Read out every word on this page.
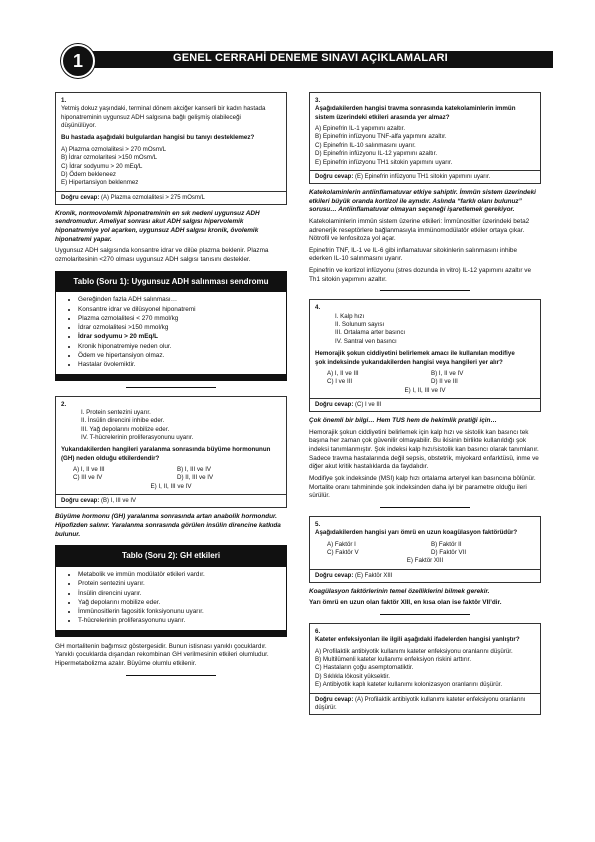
1	GENEL CERRAHİ DENEME SINAVI AÇIKLAMALARI
1.
Yetmiş dokuz yaşındaki, terminal dönem akciğer kanserli bir kadın hastada hiponatreminin uygunsuz ADH salgısına bağlı gelişmiş olabileceği düşünülüyor.
Bu hastada aşağıdaki bulgulardan hangisi bu tanıyı desteklemez?
A) Plazma ozmolalitesi > 270 mOsm/L
B) İdrar ozmolaritesi >150 mOsm/L
C) İdrar sodyumu > 20 mEq/L
D) Ödem bekleneez
E) Hipertansiyon beklenmez
Doğru cevap: (A) Plazma ozmolalitesi > 275 mOsm/L

Kronik, normovolemik hiponatreminin en sık nedeni uygunsuz ADH sendromudur. Ameliyat sonrası akut ADH salgısı hipervolemik hiponatremiye yol açarken, uygunsuz ADH salgısı kronik, övolemik hiponatremi yapar.

Uygunsuz ADH salgısında konsantre idrar ve dilüe plazma beklenir. Plazma ozmolaritesinin <270 olması uygunsuz ADH salgısı tanısını destekler.

Tablo (Soru 1): Uygunsuz ADH salınması sendromu
• Gereğinden fazla ADH salınması…
• Konsantre idrar ve dilüsyonel hiponatremi
• Plazma ozmolalitesi < 270 mmol/kg
• İdrar ozmolalitesi >150 mmol/kg
• İdrar sodyumu > 20 mEq/L
• Kronik hiponatremiye neden olur.
• Ödem ve hipertansiyon olmaz.
• Hastalar övolemiktir.
2.
I. Protein sentezini uyarır.
II. İnsülin direncini inhibe eder.
III. Yağ depolarını mobilize eder.
IV. T-hücrelerinin proliferasyonunu uyarır.
Yukarıdakilerden hangileri yaralanma sonrasında büyüme hormonunun (GH) neden olduğu etkilerdendir?
A) I, II ve III	B) I, III ve IV
C) III ve IV	D) II, III ve IV
E) I, II, III ve IV
Doğru cevap: (B) I, III ve IV

Büyüme hormonu (GH) yaralanma sonrasında artan anabolik hormondur. Hipofizden salınır. Yaralanma sonrasında görülen insülin direncine katkıda bulunur.

Tablo (Soru 2): GH etkileri
• Metabolik ve immün modülatör etkileri vardır.
• Protein sentezini uyarır.
• İnsülin direncini uyarır.
• Yağ depolarını mobilize eder.
• İmmünositlerin fagositik fonksiyonunu uyarır.
• T-hücrelerinin proliferasyonunu uyarır.

GH mortalitenin bağımsız göstergesidir. Bunun istisnası yanıklı çocuklardır. Yanıklı çocuklarda dışarıdan rekombinan GH verilmesinin etkileri olumludur. Hipermetabolizma azalır. Büyüme olumlu etkilenir.

3.
Aşağıdakilerden hangisi travma sonrasında katekolaminlerin immün sistem üzerindeki etkileri arasında yer almaz?
A) Epinefrin IL-1 yapımını azaltır.
B) Epinefrin infüzyonu TNF-alfa yapımını azaltır.
C) Epinefrin IL-10 salınmasını uyarır.
D) Epinefrin infüzyonu IL-12 yapımını azaltır.
E) Epinefrin infüzyonu TH1 sitokin yapımını uyarır.
Doğru cevap: (E) Epinefrin infüzyonu TH1 sitokin yapımını uyarır.

Katekolaminlerin antiinflamatuvar etkiye sahiptir. İmmün sistem üzerindeki etkileri büyük oranda kortizol ile aynıdır. Aslında “farklı olanı bulunuz” sorusu… Antiinflamatuvar olmayan seçeneği işaretlemek gerekiyor.

Katekolaminlerin immün sistem üzerine etkileri: İmmünositler üzerindeki beta2 adrenerjik reseptörlere bağlanmasıyla immünomodülatör etkiler ortaya çıkar. Nötrofil ve lenfositoza yol açar.

Epinefrin TNF, IL-1 ve IL-6 gibi inflamatuvar sitokinlerin salınmasını inhibe ederken IL-10 salınmasını uyarır.

Epinefrin ve kortizol infüzyonu (stres dozunda in vitro) IL-12 yapımını azaltır ve Th1 sitokin yapımını azaltır.

4.
I. Kalp hızı
II. Solunum sayısı
III. Ortalama arter basıncı
IV. Santral ven basıncı
Hemorajik şokun ciddiyetini belirlemek amacı ile kullanılan modifiye şok indeksinde yukarıdakilerden hangisi veya hangileri yer alır?
A) I, II ve III	B) I, II ve IV
C) I ve III	D) II ve III
E) I, II, III ve IV
Doğru cevap: (C) I ve III

Çok önemli bir bilgi… Hem TUS hem de hekimlik pratiği için…

Hemorajik şokun ciddiyetini belirlemek için kalp hızı ve sistolik kan basıncı tek başına her zaman çok güvenilir olmayabilir. Bu ikisinin birlikte kullanıldığı şok indeksi tanımlanmıştır. Şok indeksi kalp hızı/sistolik kan basıncı olarak tanımlanır. Sadece travma hastalarında değil sepsis, obstetrik, miyokard enfarktüsü, inme ve diğer akut kritik hastalıklarda da faydalıdır.

Modifiye şok indeksinde (MSI) kalp hızı ortalama arteryel kan basıncına bölünür. Mortalite oranı tahmininde şok indeksinden daha iyi bir parametre olduğu ileri sürülür.

5.
Aşağıdakilerden hangisi yarı ömrü en uzun koagülasyon faktörüdür?
A) Faktör I	B) Faktör II
C) Faktör V	D) Faktör VII
E) Faktör XIII
Doğru cevap: (E) Faktör XIII

Koagülasyon faktörlerinin temel özelliklerini bilmek gerekir.

Yarı ömrü en uzun olan faktör XIII, en kısa olan ise faktör VII’dir.

6.
Kateter enfeksiyonları ile ilgili aşağıdaki ifadelerden hangisi yanlıştır?
A) Profilaktik antibiyotik kullanımı kateter enfeksiyonu oranlarını düşürür.
B) Multilümenli kateter kullanımı enfeksiyon riskini arttırır.
C) Hastaların çoğu asemptomatiktir.
D) Sıklıkla lökosit yüksektir.
E) Antibiyotik kaplı kateter kullanımı kolonizasyon oranlarını düşürür.
Doğru cevap: (A) Profilaktik antibiyotik kullanımı kateter enfeksiyonu oranlarını düşürür.
